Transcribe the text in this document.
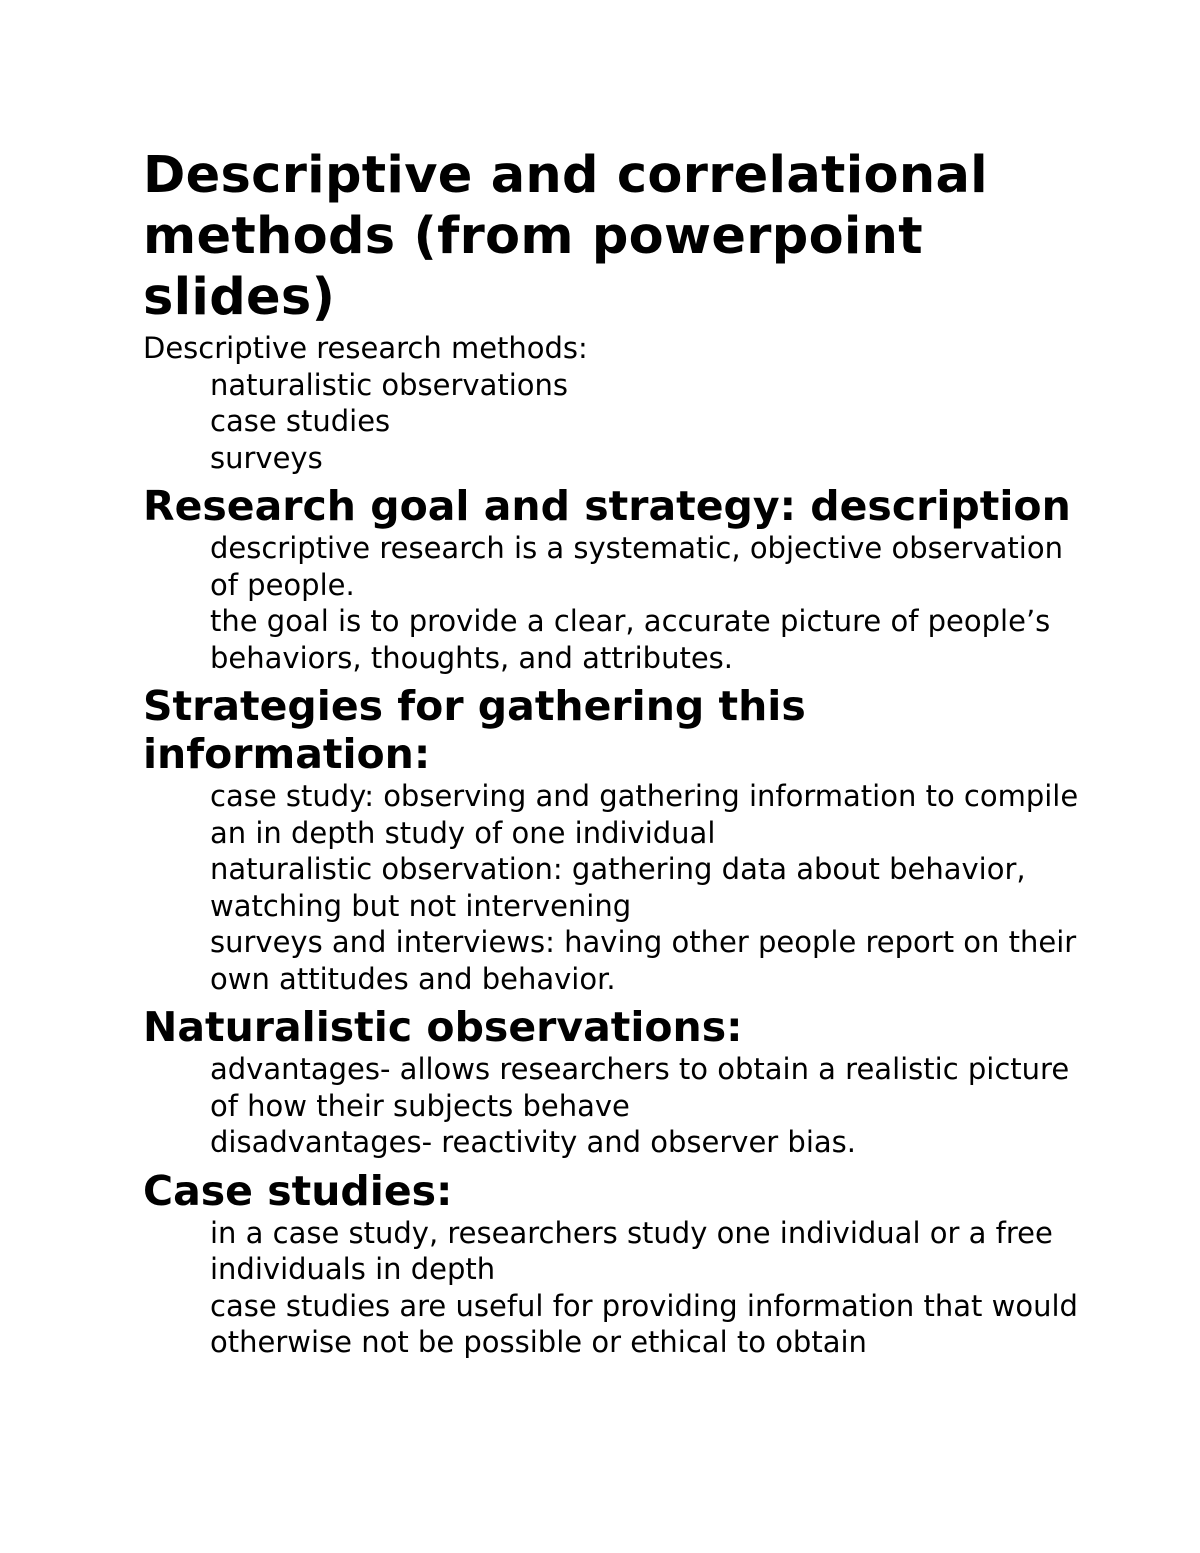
Descriptive and correlational methods (from powerpoint slides)

Descriptive research methods:

naturalistic observations

case studies

surveys

Research goal and strategy: description

descriptive research is a systematic, objective observation of people.

the goal is to provide a clear, accurate picture of people’s behaviors, thoughts, and attributes.

Strategies for gathering this information:

case study: observing and gathering information to compile an in depth study of one individual

naturalistic observation: gathering data about behavior, watching but not intervening

surveys and interviews: having other people report on their own attitudes and behavior.

Naturalistic observations:

advantages- allows researchers to obtain a realistic picture of how their subjects behave

disadvantages- reactivity and observer bias.

Case studies:

in a case study, researchers study one individual or a free individuals in depth

case studies are useful for providing information that would otherwise not be possible or ethical to obtain
